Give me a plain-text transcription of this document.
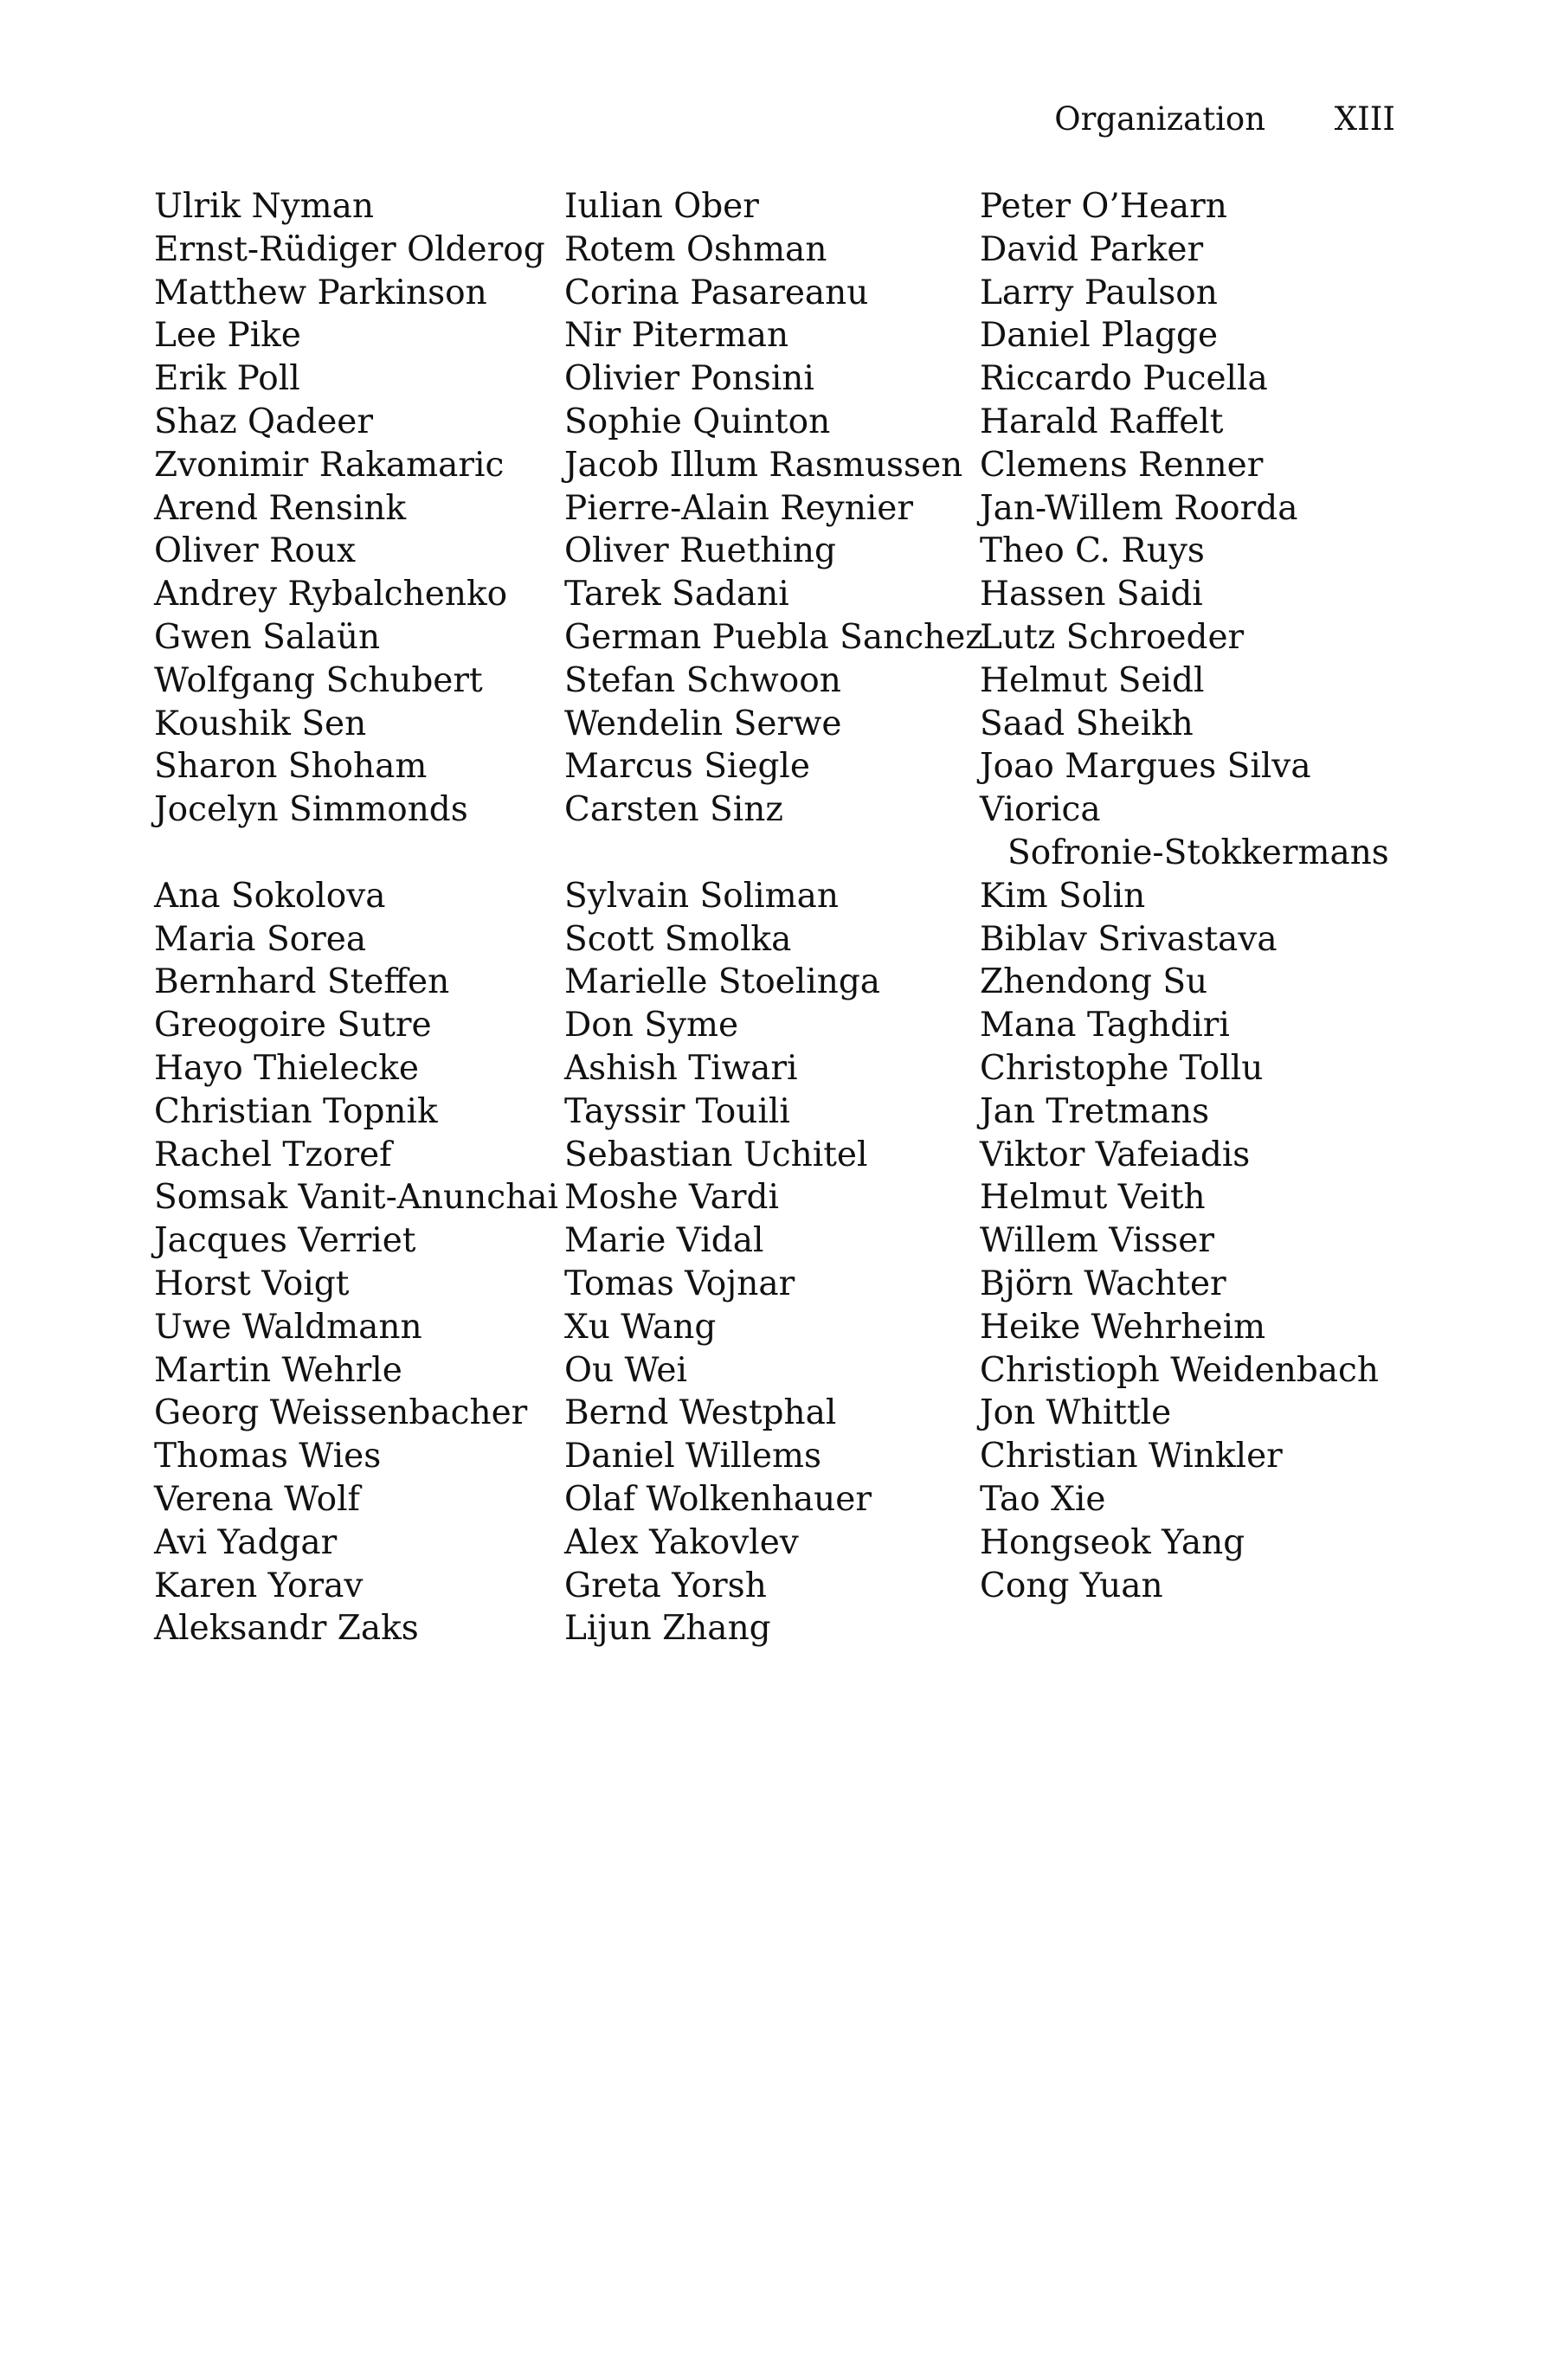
Organization XIII
Ulrik Nyman
Ernst-Rüdiger Olderog
Matthew Parkinson
Lee Pike
Erik Poll
Shaz Qadeer
Zvonimir Rakamaric
Arend Rensink
Oliver Roux
Andrey Rybalchenko
Gwen Salaün
Wolfgang Schubert
Koushik Sen
Sharon Shoham
Jocelyn Simmonds
Ana Sokolova
Maria Sorea
Bernhard Steffen
Greogoire Sutre
Hayo Thielecke
Christian Topnik
Rachel Tzoref
Somsak Vanit-Anunchai
Jacques Verriet
Horst Voigt
Uwe Waldmann
Martin Wehrle
Georg Weissenbacher
Thomas Wies
Verena Wolf
Avi Yadgar
Karen Yorav
Aleksandr Zaks
Iulian Ober
Rotem Oshman
Corina Pasareanu
Nir Piterman
Olivier Ponsini
Sophie Quinton
Jacob Illum Rasmussen
Pierre-Alain Reynier
Oliver Ruething
Tarek Sadani
German Puebla Sanchez
Stefan Schwoon
Wendelin Serwe
Marcus Siegle
Carsten Sinz
Sylvain Soliman
Scott Smolka
Marielle Stoelinga
Don Syme
Ashish Tiwari
Tayssir Touili
Sebastian Uchitel
Moshe Vardi
Marie Vidal
Tomas Vojnar
Xu Wang
Ou Wei
Bernd Westphal
Daniel Willems
Olaf Wolkenhauer
Alex Yakovlev
Greta Yorsh
Lijun Zhang
Peter O’Hearn
David Parker
Larry Paulson
Daniel Plagge
Riccardo Pucella
Harald Raffelt
Clemens Renner
Jan-Willem Roorda
Theo C. Ruys
Hassen Saidi
Lutz Schroeder
Helmut Seidl
Saad Sheikh
Joao Margues Silva
Viorica
Sofronie-Stokkermans
Kim Solin
Biblav Srivastava
Zhendong Su
Mana Taghdiri
Christophe Tollu
Jan Tretmans
Viktor Vafeiadis
Helmut Veith
Willem Visser
Björn Wachter
Heike Wehrheim
Christioph Weidenbach
Jon Whittle
Christian Winkler
Tao Xie
Hongseok Yang
Cong Yuan
